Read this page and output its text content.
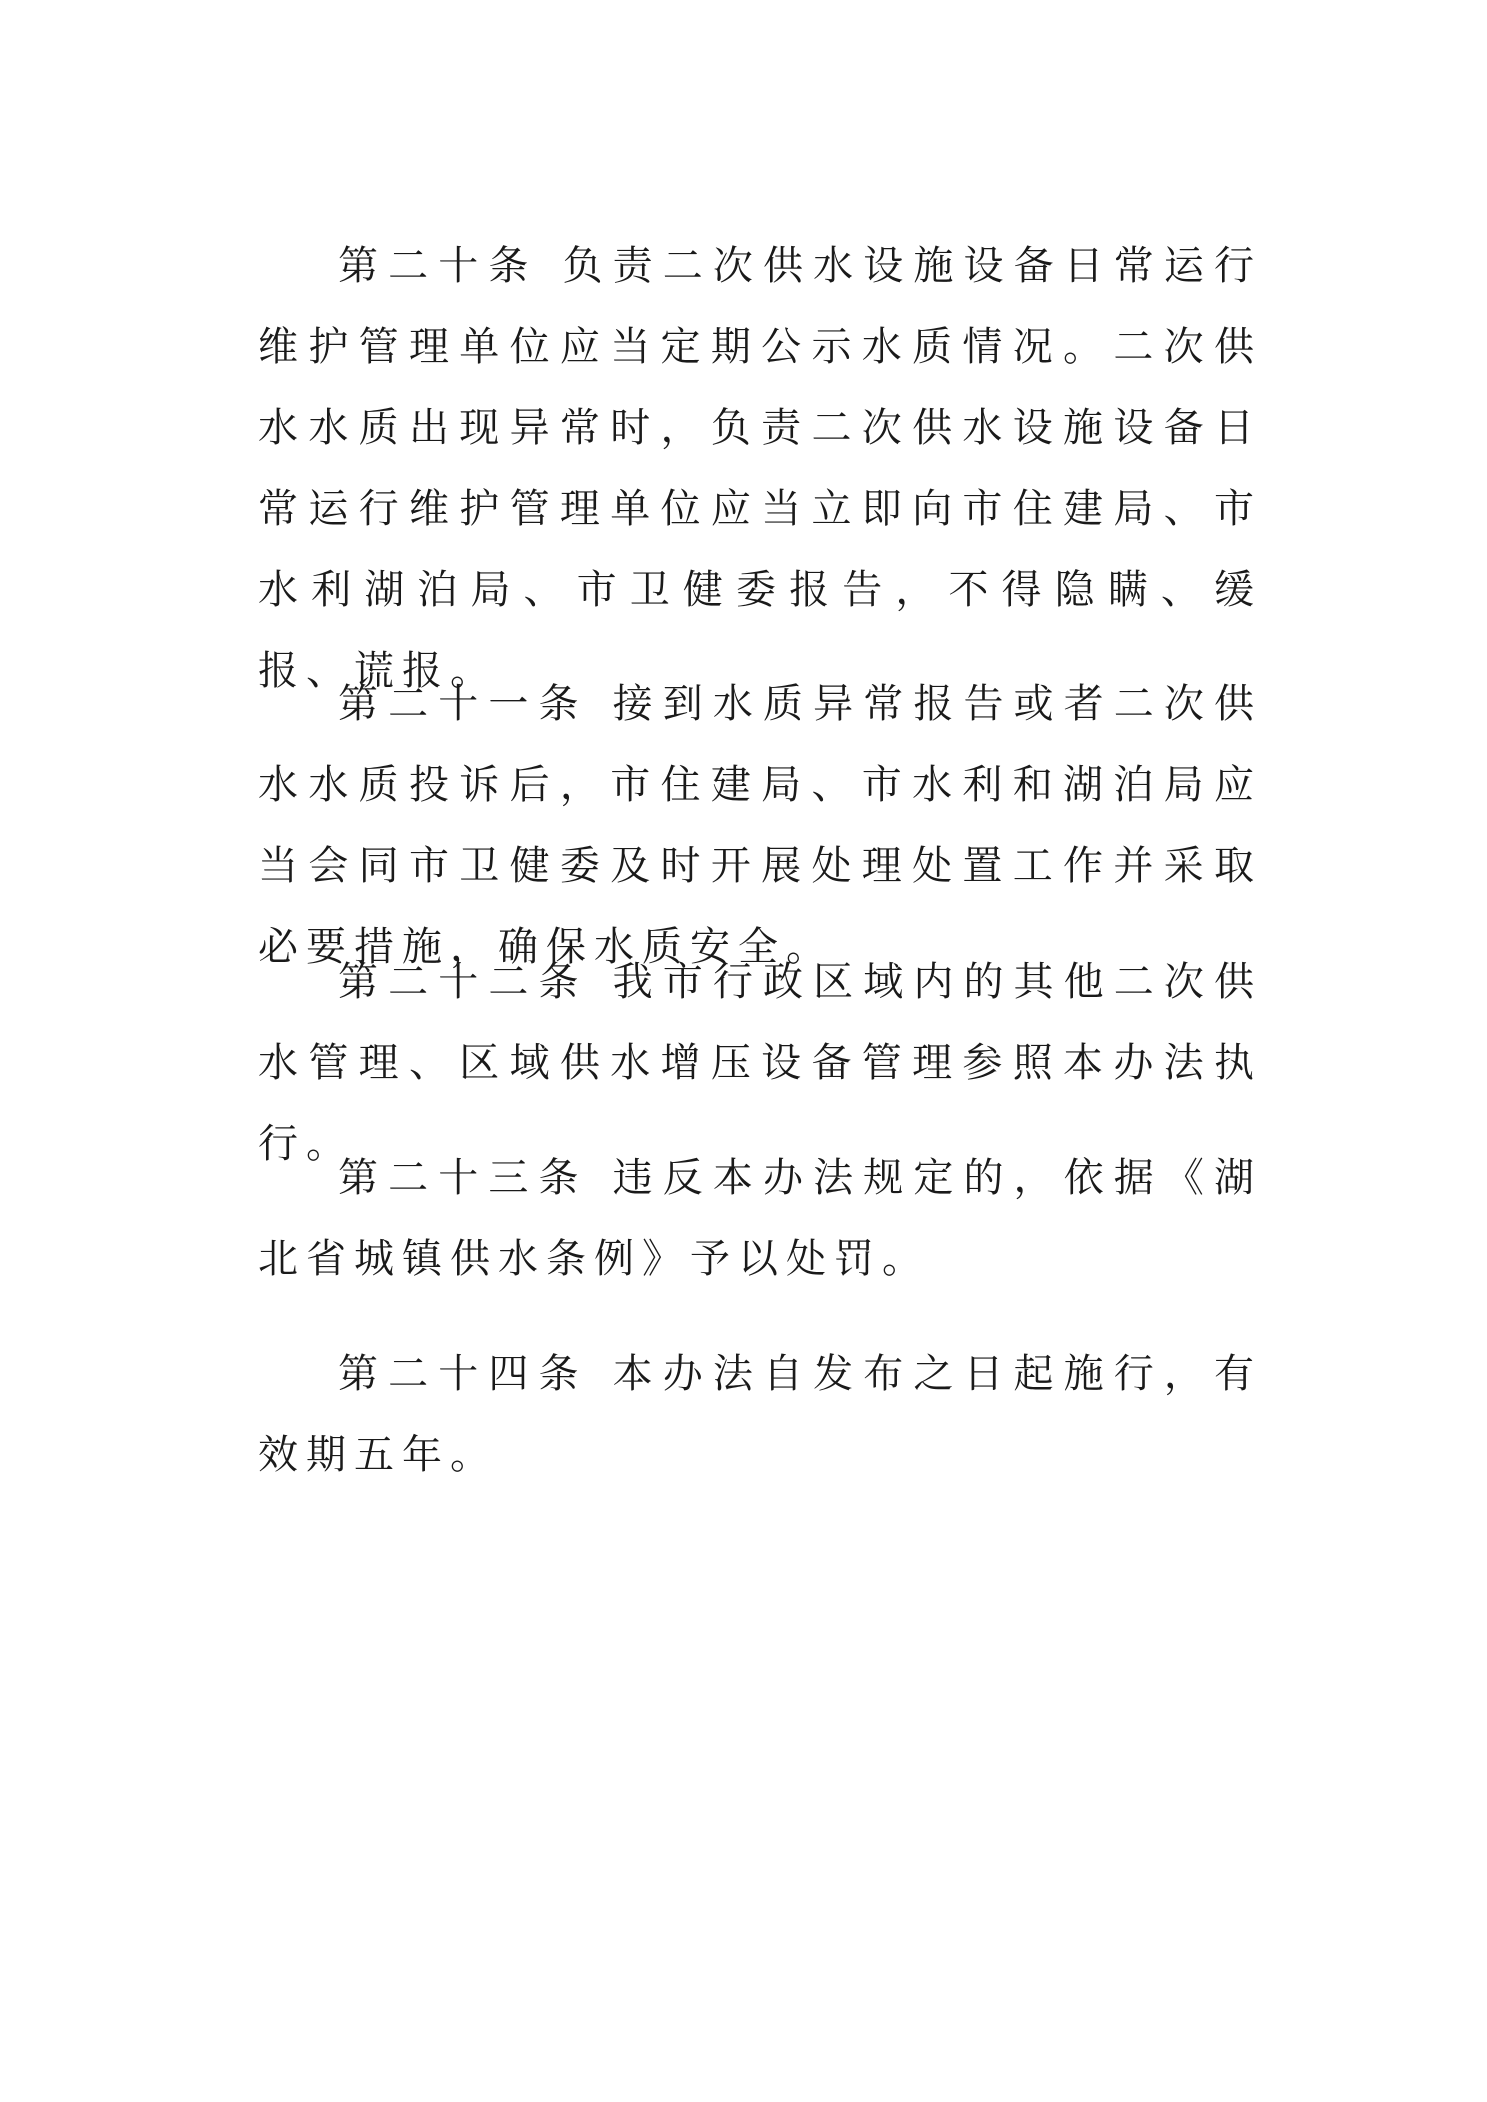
第二十条 负责二次供水设施设备日常运行维护管理单位应当定期公示水质情况。二次供水水质出现异常时，负责二次供水设施设备日常运行维护管理单位应当立即向市住建局、市水利湖泊局、市卫健委报告，不得隐瞒、缓报、谎报。

第二十一条 接到水质异常报告或者二次供水水质投诉后，市住建局、市水利和湖泊局应当会同市卫健委及时开展处理处置工作并采取必要措施，确保水质安全。

第二十二条 我市行政区域内的其他二次供水管理、区域供水增压设备管理参照本办法执行。

第二十三条 违反本办法规定的，依据《湖北省城镇供水条例》予以处罚。

第二十四条 本办法自发布之日起施行，有效期五年。
